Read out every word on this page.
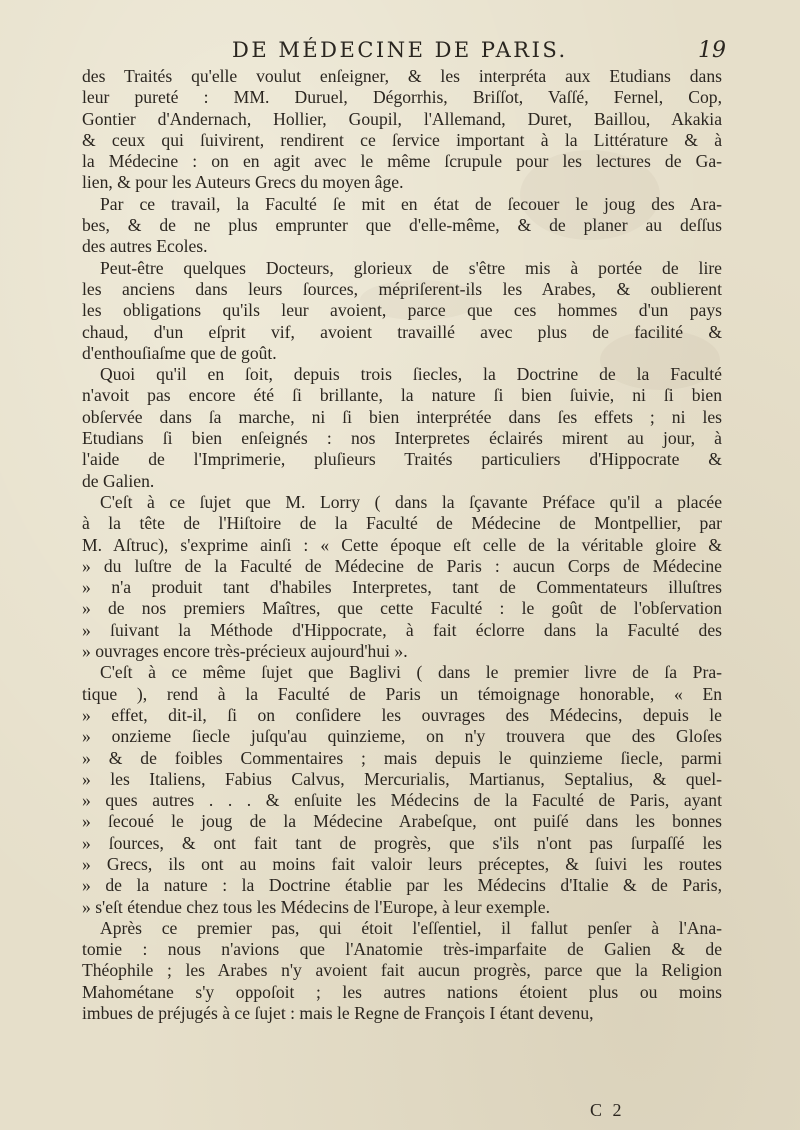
DE MÉDECINE DE PARIS.	19
des Traités qu'elle voulut enſeigner, & les interpréta aux Etudians dans
leur pureté : MM. Duruel, Dégorrhis, Briſſot, Vaſſé, Fernel, Cop,
Gontier d'Andernach, Hollier, Goupil, l'Allemand, Duret, Baillou, Akakia
& ceux qui ſuivirent, rendirent ce ſervice important à la Littérature & à
la Médecine : on en agit avec le même ſcrupule pour les lectures de Ga-
lien, & pour les Auteurs Grecs du moyen âge.
Par ce travail, la Faculté ſe mit en état de ſecouer le joug des Ara-
bes, & de ne plus emprunter que d'elle-même, & de planer au deſſus
des autres Ecoles.
Peut-être quelques Docteurs, glorieux de s'être mis à portée de lire
les anciens dans leurs ſources, mépriſerent-ils les Arabes, & oublierent
les obligations qu'ils leur avoient, parce que ces hommes d'un pays
chaud, d'un eſprit vif, avoient travaillé avec plus de facilité &
d'enthouſiaſme que de goût.
Quoi qu'il en ſoit, depuis trois ſiecles, la Doctrine de la Faculté
n'avoit pas encore été ſi brillante, la nature ſi bien ſuivie, ni ſi bien
obſervée dans ſa marche, ni ſi bien interprétée dans ſes effets ; ni les
Etudians ſi bien enſeignés : nos Interpretes éclairés mirent au jour, à
l'aide de l'Imprimerie, pluſieurs Traités particuliers d'Hippocrate &
de Galien.
C'eſt à ce ſujet que M. Lorry ( dans la ſçavante Préface qu'il a placée
à la tête de l'Hiſtoire de la Faculté de Médecine de Montpellier, par
M. Aſtruc), s'exprime ainſi : « Cette époque eſt celle de la véritable gloire &
» du luſtre de la Faculté de Médecine de Paris : aucun Corps de Médecine
» n'a produit tant d'habiles Interpretes, tant de Commentateurs illuſtres
» de nos premiers Maîtres, que cette Faculté : le goût de l'obſervation
» ſuivant la Méthode d'Hippocrate, à fait éclorre dans la Faculté des
» ouvrages encore très-précieux aujourd'hui ».
C'eſt à ce même ſujet que Baglivi ( dans le premier livre de ſa Pra-
tique ), rend à la Faculté de Paris un témoignage honorable, « En
» effet, dit-il, ſi on conſidere les ouvrages des Médecins, depuis le
» onzieme ſiecle juſqu'au quinzieme, on n'y trouvera que des Gloſes
» & de foibles Commentaires ; mais depuis le quinzieme ſiecle, parmi
» les Italiens, Fabius Calvus, Mercurialis, Martianus, Septalius, & quel-
» ques autres . . . & enſuite les Médecins de la Faculté de Paris, ayant
» ſecoué le joug de la Médecine Arabeſque, ont puiſé dans les bonnes
» ſources, & ont fait tant de progrès, que s'ils n'ont pas ſurpaſſé les
» Grecs, ils ont au moins fait valoir leurs préceptes, & ſuivi les routes
» de la nature : la Doctrine établie par les Médecins d'Italie & de Paris,
» s'eſt étendue chez tous les Médecins de l'Europe, à leur exemple.
Après ce premier pas, qui étoit l'eſſentiel, il fallut penſer à l'Ana-
tomie : nous n'avions que l'Anatomie très-imparfaite de Galien & de
Théophile ; les Arabes n'y avoient fait aucun progrès, parce que la Religion
Mahométane s'y oppoſoit ; les autres nations étoient plus ou moins
imbues de préjugés à ce ſujet : mais le Regne de François I étant devenu,
C 2
